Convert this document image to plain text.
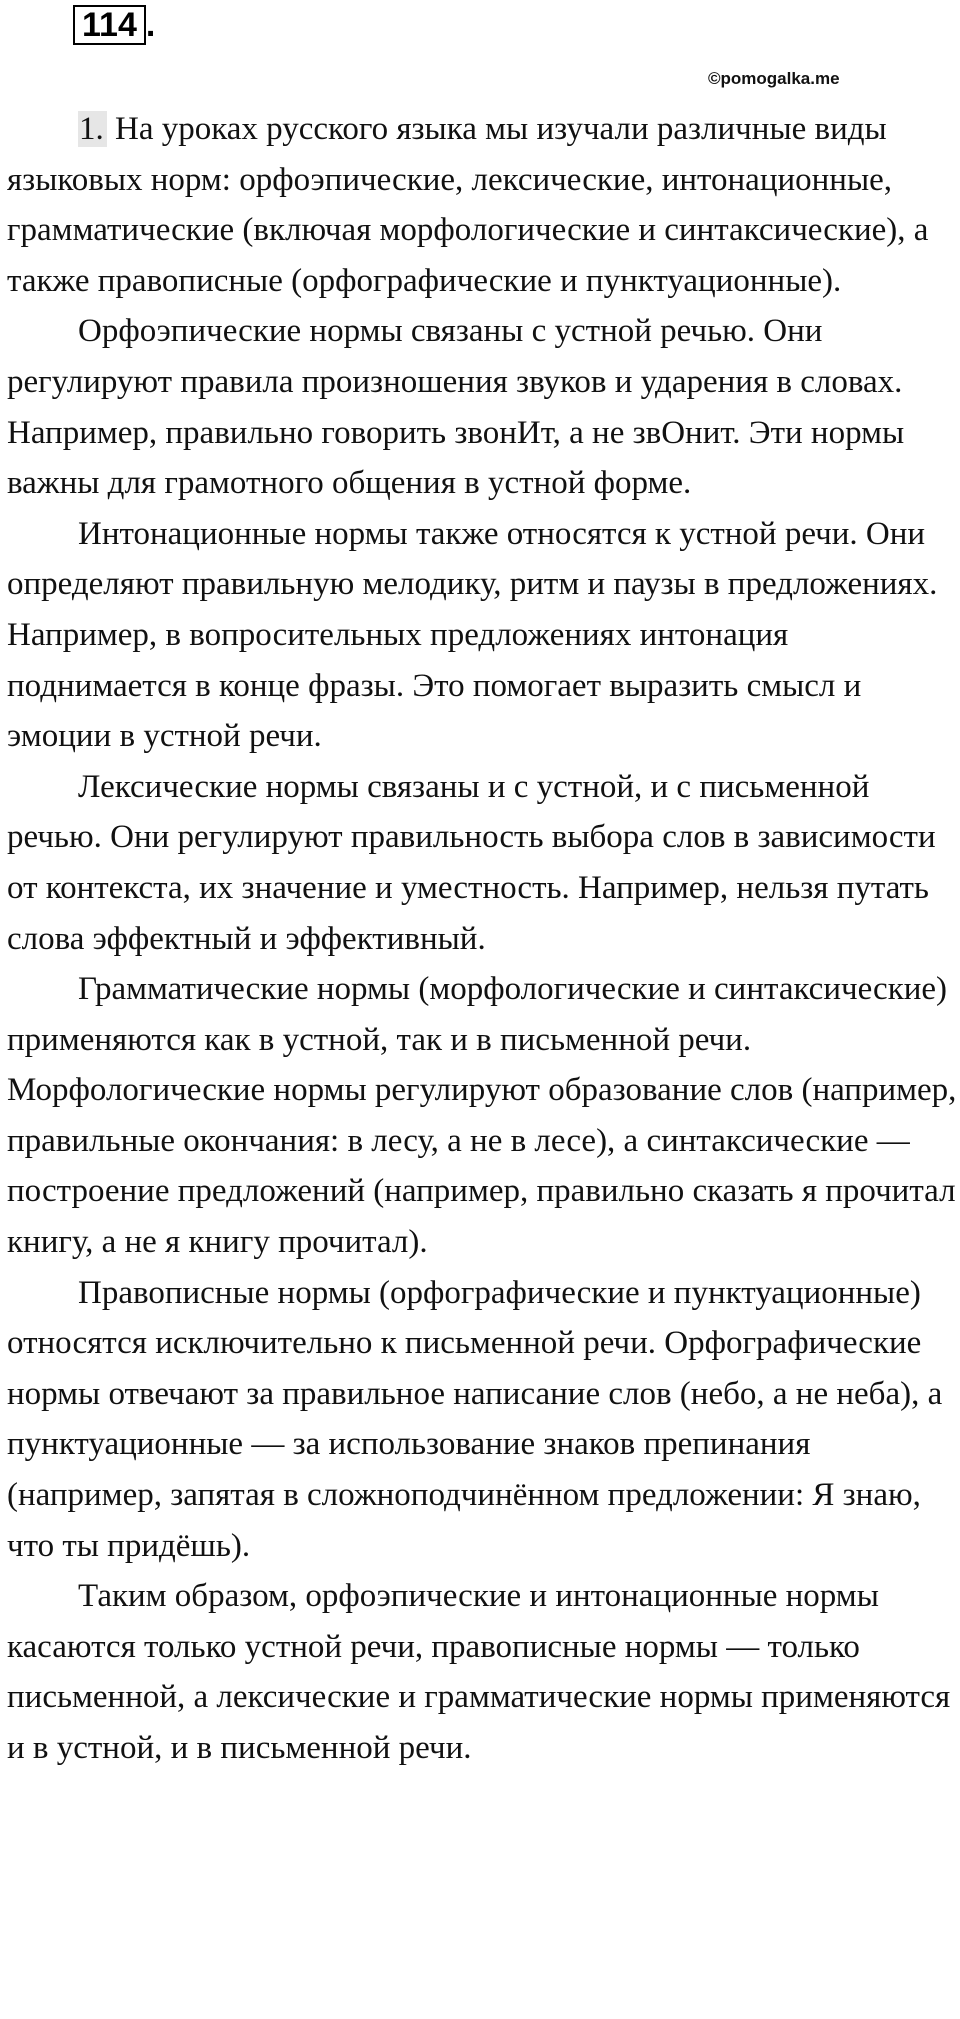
114 .
©pomogalka.me

1. На уроках русского языка мы изучали различные виды языковых норм: орфоэпические, лексические, интонационные, грамматические (включая морфологические и синтаксические), а также правописные (орфографические и пунктуационные).

Орфоэпические нормы связаны с устной речью. Они регулируют правила произношения звуков и ударения в словах. Например, правильно говорить звонИт, а не звОнит. Эти нормы важны для грамотного общения в устной форме.

Интонационные нормы также относятся к устной речи. Они определяют правильную мелодику, ритм и паузы в предложениях. Например, в вопросительных предложениях интонация поднимается в конце фразы. Это помогает выразить смысл и эмоции в устной речи.

Лексические нормы связаны и с устной, и с письменной речью. Они регулируют правильность выбора слов в зависимости от контекста, их значение и уместность. Например, нельзя путать слова эффектный и эффективный.

Грамматические нормы (морфологические и синтаксические) применяются как в устной, так и в письменной речи. Морфологические нормы регулируют образование слов (например, правильные окончания: в лесу, а не в лесе), а синтаксические — построение предложений (например, правильно сказать я прочитал книгу, а не я книгу прочитал).

Правописные нормы (орфографические и пунктуационные) относятся исключительно к письменной речи. Орфографические нормы отвечают за правильное написание слов (небо, а не неба), а пунктуационные — за использование знаков препинания (например, запятая в сложноподчинённом предложении: Я знаю, что ты придёшь).

Таким образом, орфоэпические и интонационные нормы касаются только устной речи, правописные нормы — только письменной, а лексические и грамматические нормы применяются и в устной, и в письменной речи.
